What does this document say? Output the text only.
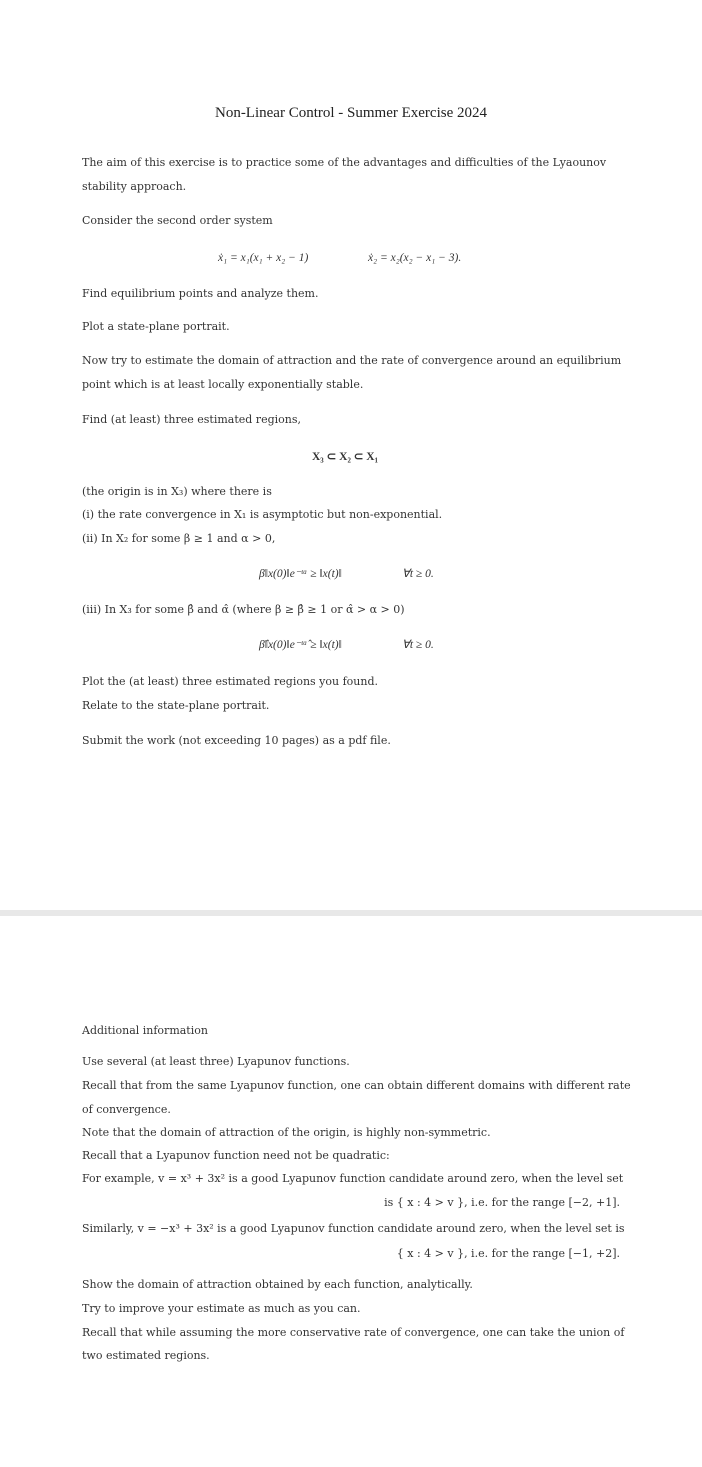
Non-Linear Control - Summer Exercise 2024
The aim of this exercise is to practice some of the advantages and difficulties of the Lyaounov
stability approach.
Consider the second order system
ẋ₁ = x₁(x₁ + x₂ − 1)	ẋ₂ = x₂(x₂ − x₁ − 3).
Find equilibrium points and analyze them.
Plot a state-plane portrait.
Now try to estimate the domain of attraction and the rate of convergence around an equilibrium
point which is at least locally exponentially stable.
Find (at least) three estimated regions,
X₃ ⊂ X₂ ⊂ X₁
(the origin is in X₃) where there is
(i) the rate convergence in X₁ is asymptotic but non-exponential.
(ii) In X₂ for some β ≥ 1 and α > 0,
β‖x(0)‖e⁻ᵗᵅ ≥ ‖x(t)‖	∀t ≥ 0.
(iii) In X₃ for some β̂ and α̂ (where β ≥ β̂ ≥ 1 or α̂ > α > 0)
β̂‖x(0)‖e⁻ᵗᵅ̂ ≥ ‖x(t)‖	∀t ≥ 0.
Plot the (at least) three estimated regions you found.
Relate to the state-plane portrait.
Submit the work (not exceeding 10 pages) as a pdf file.
Additional information
Use several (at least three) Lyapunov functions.
Recall that from the same Lyapunov function, one can obtain different domains with different rate
of convergence.
Note that the domain of attraction of the origin, is highly non-symmetric.
Recall that a Lyapunov function need not be quadratic:
For example, v = x³ + 3x² is a good Lyapunov function candidate around zero, when the level set
is { x : 4 > v }, i.e. for the range [−2, +1].
Similarly, v = −x³ + 3x² is a good Lyapunov function candidate around zero, when the level set is
{ x : 4 > v }, i.e. for the range [−1, +2].
Show the domain of attraction obtained by each function, analytically.
Try to improve your estimate as much as you can.
Recall that while assuming the more conservative rate of convergence, one can take the union of
two estimated regions.
